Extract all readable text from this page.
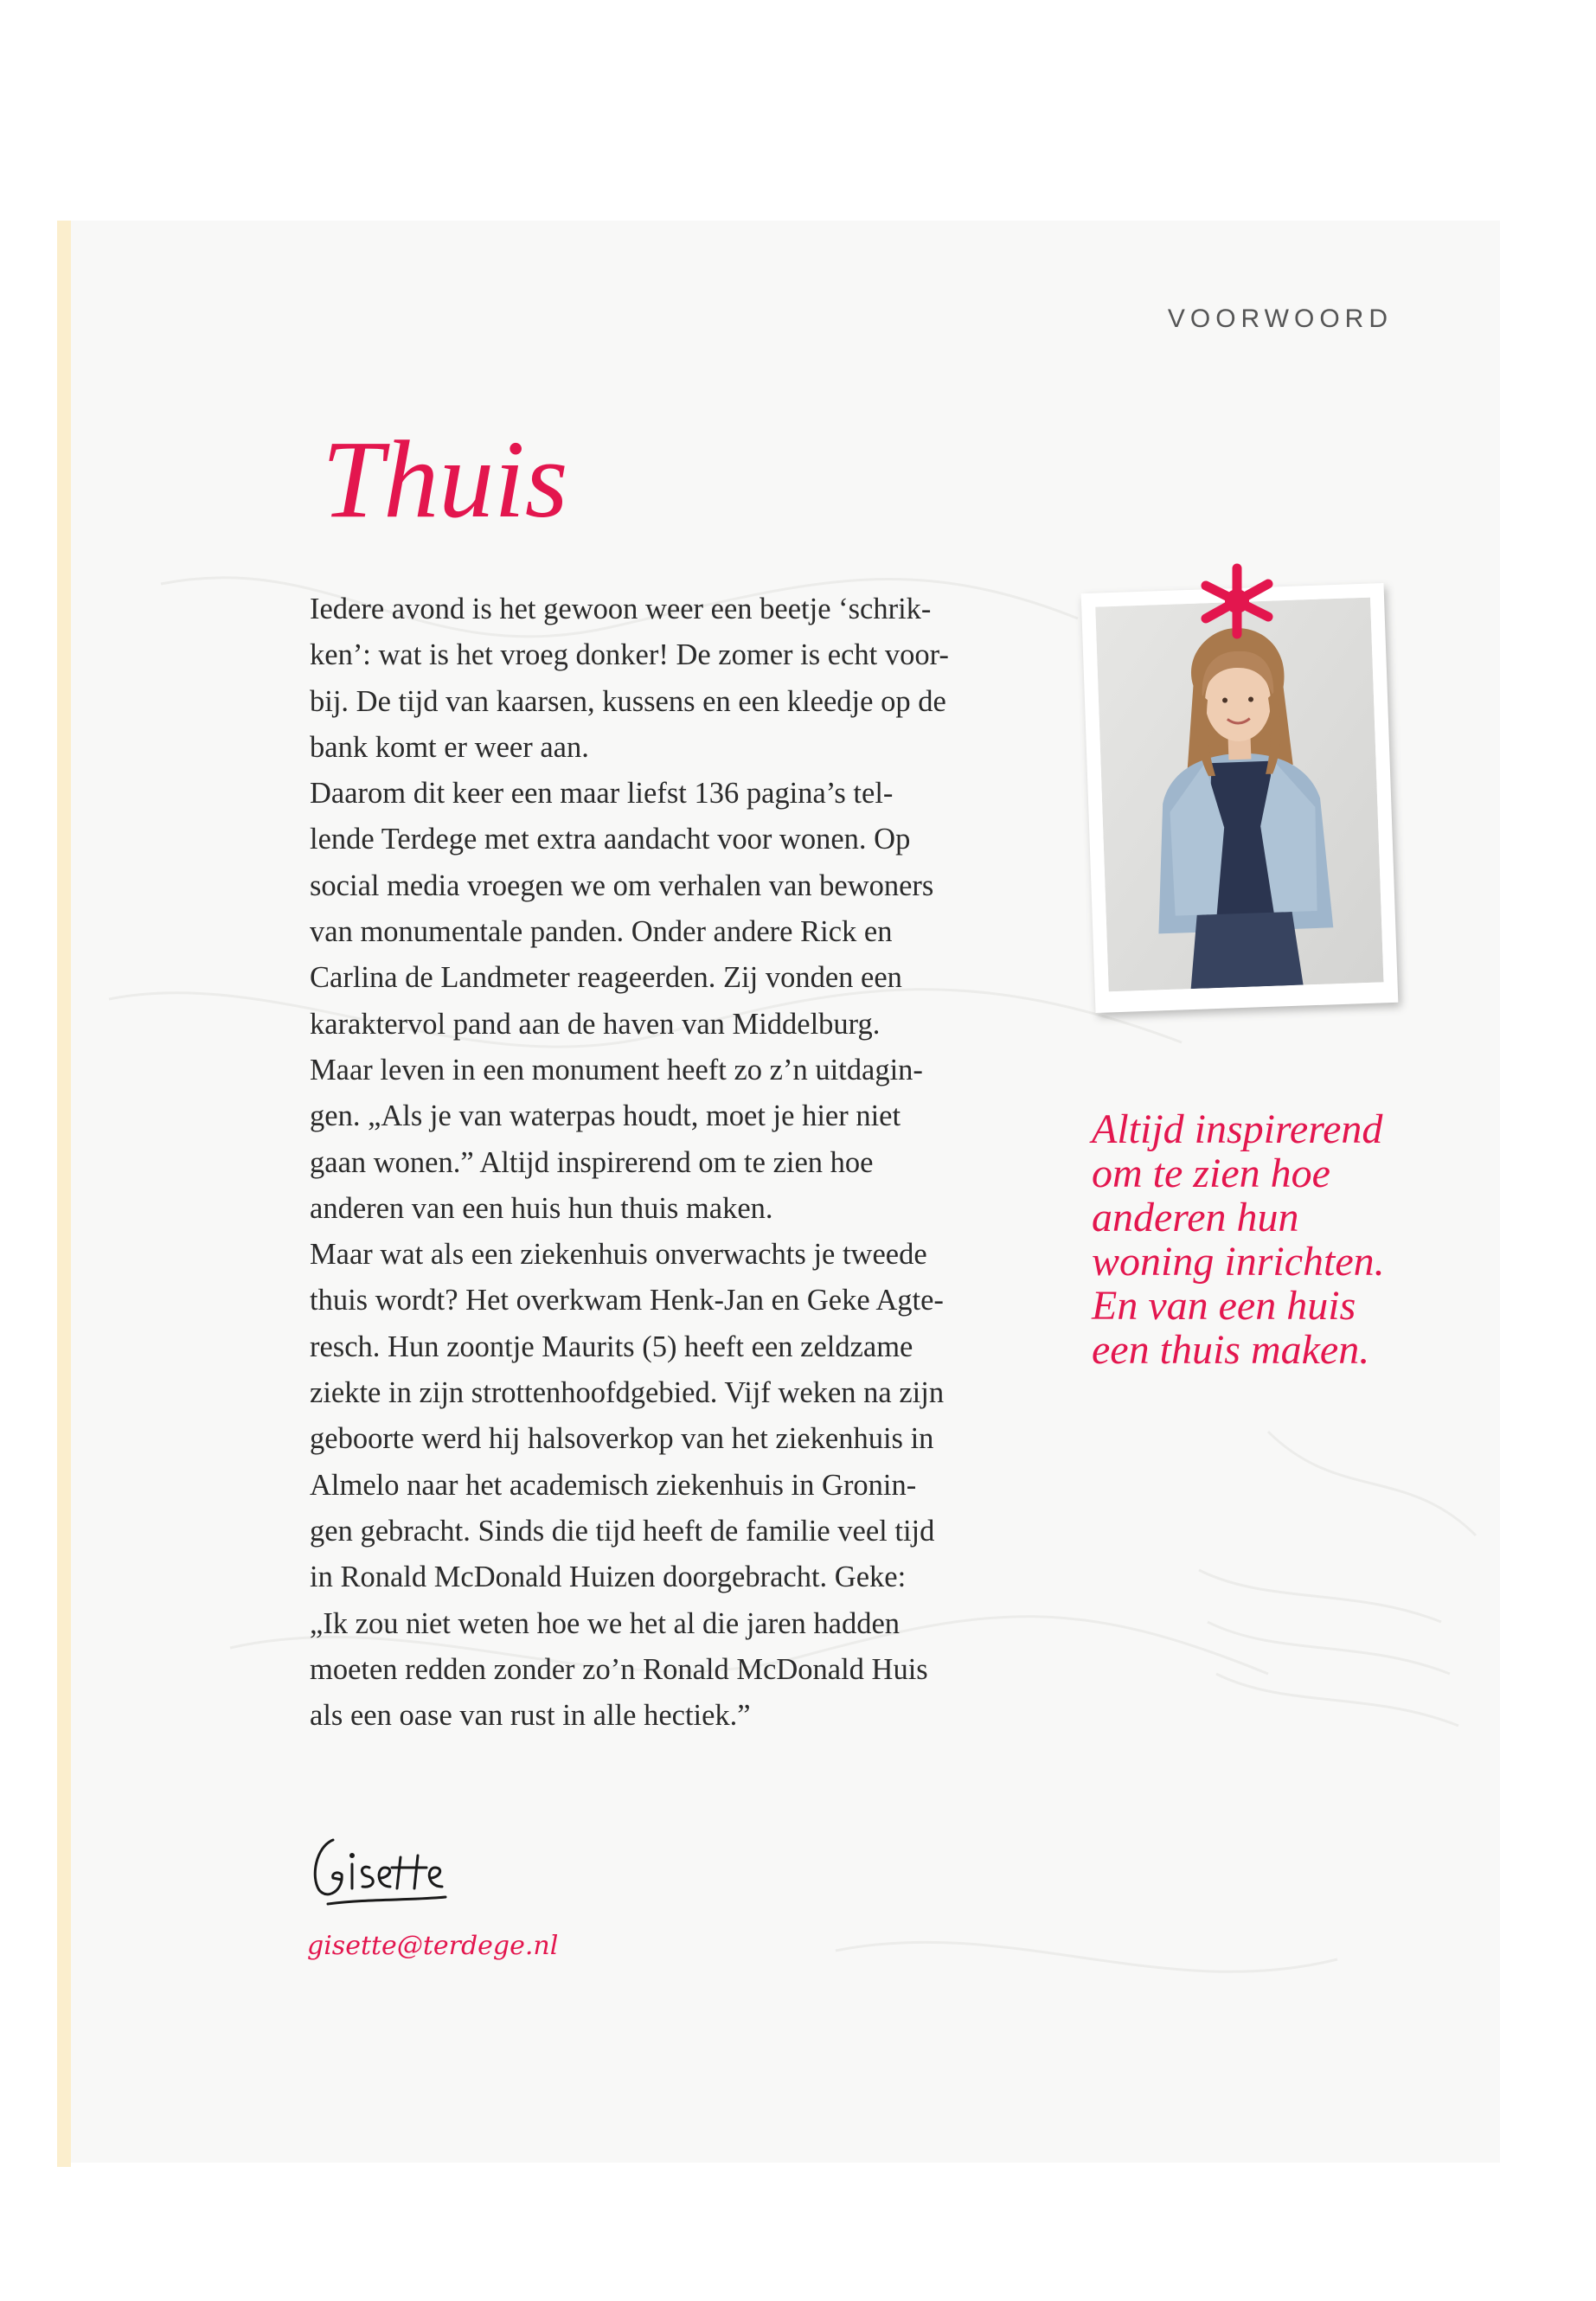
VOORWOORD
Thuis

Iedere avond is het gewoon weer een beetje ‘schrik-

ken’: wat is het vroeg donker! De zomer is echt voor-

bij. De tijd van kaarsen, kussens en een kleedje op de

bank komt er weer aan.

Daarom dit keer een maar liefst 136 pagina’s tel-

lende Terdege met extra aandacht voor wonen. Op

social media vroegen we om verhalen van bewoners

van monumentale panden. Onder andere Rick en

Carlina de Landmeter reageerden. Zij vonden een

karaktervol pand aan de haven van Middelburg.

Maar leven in een monument heeft zo z’n uitdagin-

gen. „Als je van waterpas houdt, moet je hier niet

gaan wonen.” Altijd inspirerend om te zien hoe

anderen van een huis hun thuis maken.

Maar wat als een ziekenhuis onverwachts je tweede

thuis wordt? Het overkwam Henk-Jan en Geke Agte-

resch. Hun zoontje Maurits (5) heeft een zeldzame

ziekte in zijn strottenhoofdgebied. Vijf weken na zijn

geboorte werd hij halsoverkop van het ziekenhuis in

Almelo naar het academisch ziekenhuis in Gronin-

gen gebracht. Sinds die tijd heeft de familie veel tijd

in Ronald McDonald Huizen doorgebracht. Geke:

„Ik zou niet weten hoe we het al die jaren hadden

moeten redden zonder zo’n Ronald McDonald Huis

als een oase van rust in alle hectiek.”

Altijd inspirerend

om te zien hoe

anderen hun

woning inrichten.

En van een huis

een thuis maken.

gisette@terdege.nl
